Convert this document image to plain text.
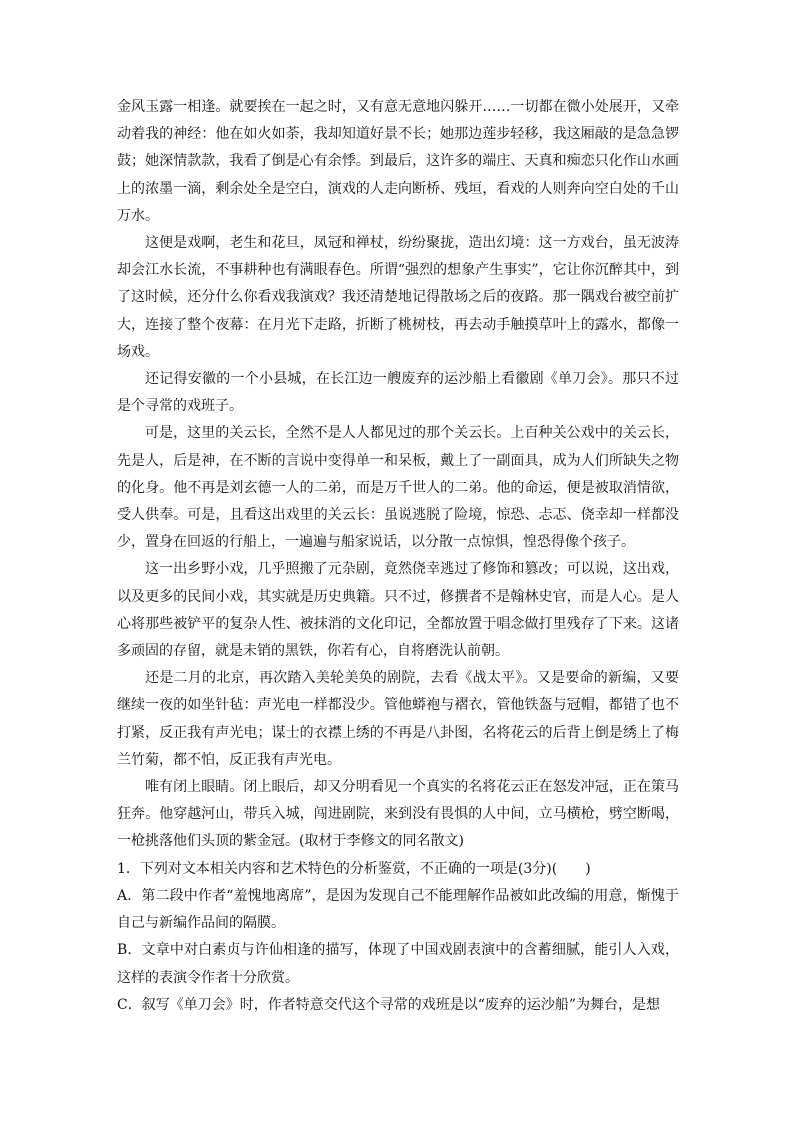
金风玉露一相逢。就要挨在一起之时，又有意无意地闪躲开……一切都在微小处展开，又牵动着我的神经：他在如火如荼，我却知道好景不长；她那边莲步轻移，我这厢敲的是急急锣鼓；她深情款款，我看了倒是心有余悸。到最后，这许多的端庄、天真和痴恋只化作山水画上的浓墨一滴，剩余处全是空白，演戏的人走向断桥、残垣，看戏的人则奔向空白处的千山万水。

这便是戏啊，老生和花旦，凤冠和禅杖，纷纷聚拢，造出幻境：这一方戏台，虽无波涛却会江水长流，不事耕种也有满眼春色。所谓“强烈的想象产生事实”，它让你沉醉其中，到了这时候，还分什么你看戏我演戏？我还清楚地记得散场之后的夜路。那一隅戏台被空前扩大，连接了整个夜幕：在月光下走路，折断了桃树枝，再去动手触摸草叶上的露水，都像一场戏。

还记得安徽的一个小县城，在长江边一艘废弃的运沙船上看徽剧《单刀会》。那只不过是个寻常的戏班子。

可是，这里的关云长，全然不是人人都见过的那个关云长。上百种关公戏中的关云长，先是人，后是神，在不断的言说中变得单一和呆板，戴上了一副面具，成为人们所缺失之物的化身。他不再是刘玄德一人的二弟，而是万千世人的二弟。他的命运，便是被取消情欲，受人供奉。可是，且看这出戏里的关云长：虽说逃脱了险境，惊恐、忐忑、侥幸却一样都没少，置身在回返的行船上，一遍遍与船家说话，以分散一点惊惧，惶恐得像个孩子。

这一出乡野小戏，几乎照搬了元杂剧，竟然侥幸逃过了修饰和篡改；可以说，这出戏，以及更多的民间小戏，其实就是历史典籍。只不过，修撰者不是翰林史官，而是人心。是人心将那些被铲平的复杂人性、被抹消的文化印记，全都放置于唱念做打里残存了下来。这诸多顽固的存留，就是未销的黑铁，你若有心，自将磨洗认前朝。

还是二月的北京，再次踏入美轮美奂的剧院，去看《战太平》。又是要命的新编，又要继续一夜的如坐针毡：声光电一样都没少。管他蟒袍与褶衣，管他铁盔与冠帽，都错了也不打紧，反正我有声光电；谋士的衣襟上绣的不再是八卦图，名将花云的后背上倒是绣上了梅兰竹菊，都不怕，反正我有声光电。

唯有闭上眼睛。闭上眼后，却又分明看见一个真实的名将花云正在怒发冲冠，正在策马狂奔。他穿越河山，带兵入城，闯进剧院，来到没有畏惧的人中间，立马横枪，劈空断喝，一枪挑落他们头顶的紫金冠。(取材于李修文的同名散文)

1．下列对文本相关内容和艺术特色的分析鉴赏，不正确的一项是(3分)(　　)

A．第二段中作者“羞愧地离席”，是因为发现自己不能理解作品被如此改编的用意，惭愧于自己与新编作品间的隔膜。

B．文章中对白素贞与许仙相逢的描写，体现了中国戏剧表演中的含蓄细腻，能引人入戏，这样的表演令作者十分欣赏。

C．叙写《单刀会》时，作者特意交代这个寻常的戏班是以“废弃的运沙船”为舞台，是想
